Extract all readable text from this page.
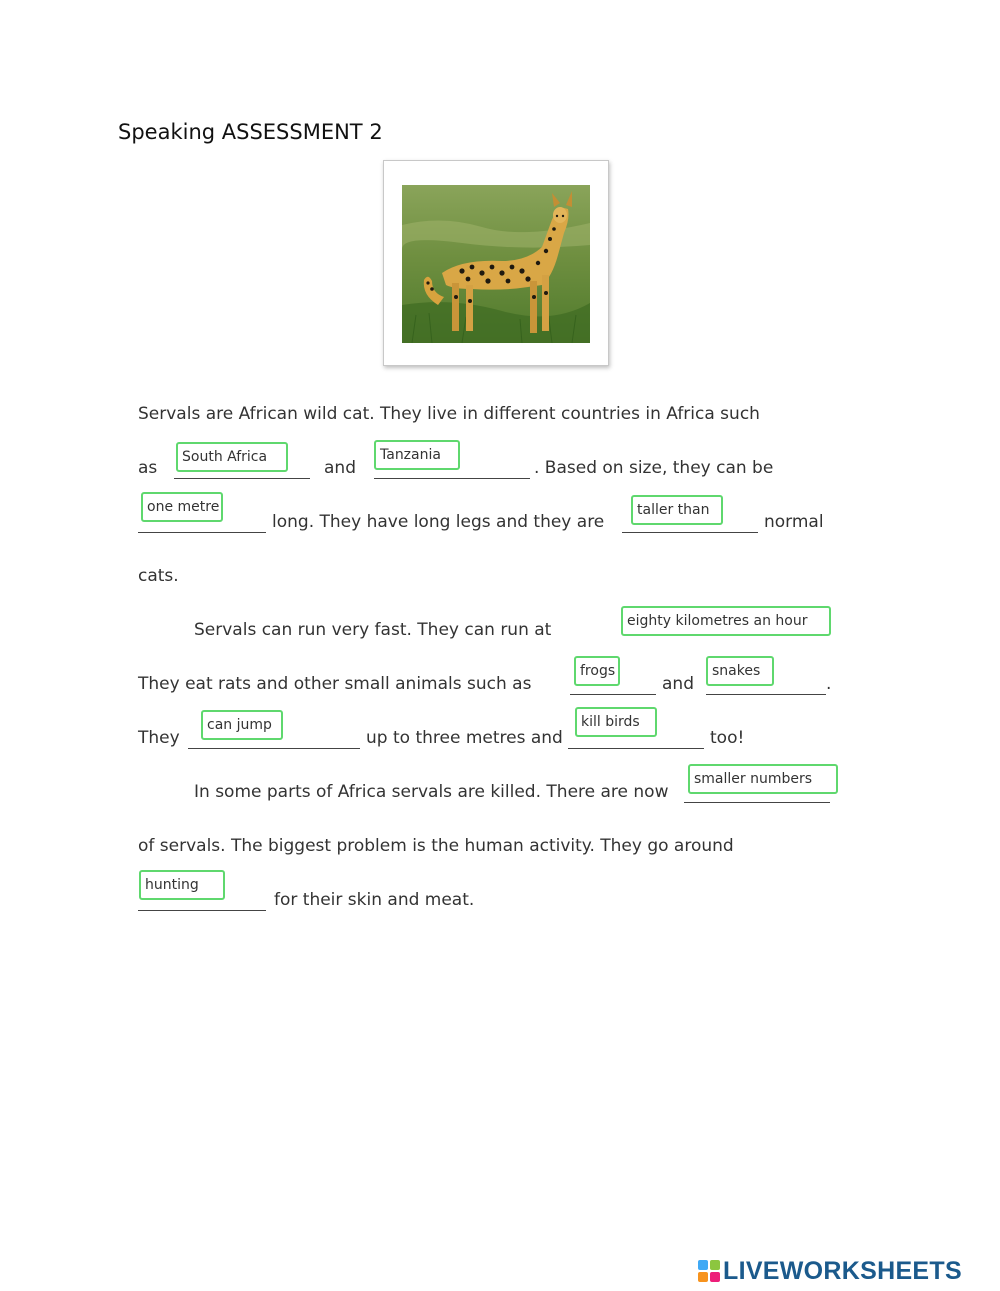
Speaking ASSESSMENT 2
Servals are African wild cat. They live in different countries in Africa such
as	and	. Based on size, they can be
South Africa	Tanzania
long. They have long legs and they are	normal
one metre	taller than
cats.
Servals can run very fast. They can run at	eighty kilometres an hour
They eat rats and other small animals such as	and	.
frogs	snakes
They	up to three metres and	too!
can jump	kill birds
In some parts of Africa servals are killed. There are now
smaller numbers
of servals. The biggest problem is the human activity. They go around
for their skin and meat.
hunting
LIVEWORKSHEETS
